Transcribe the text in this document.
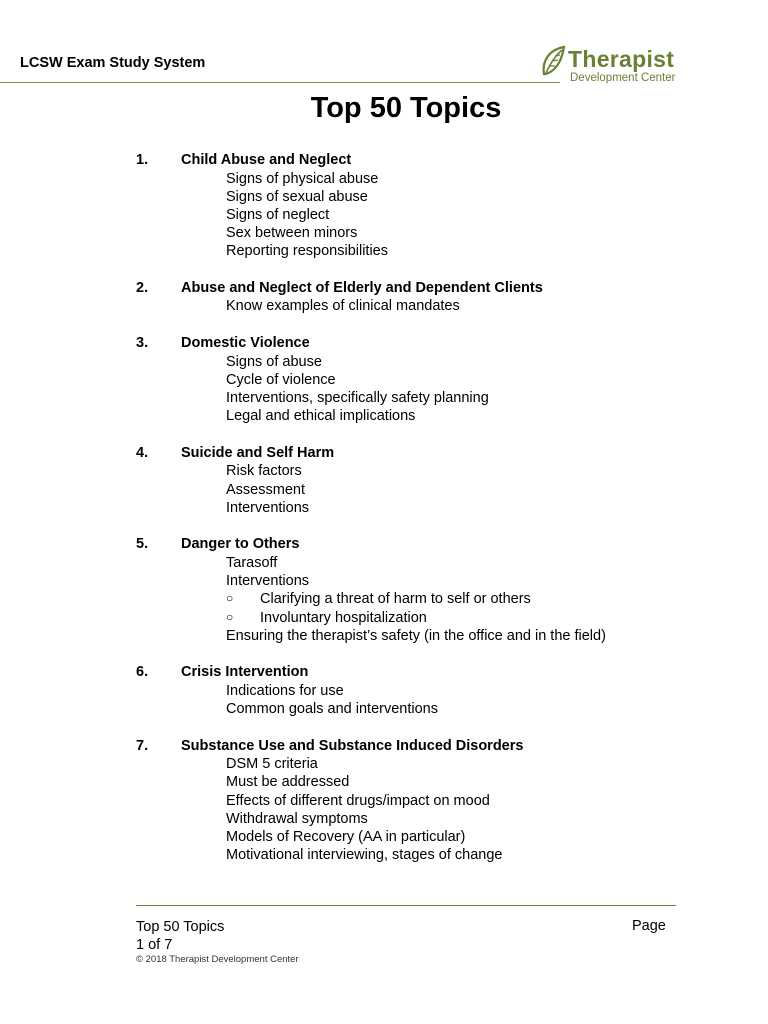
LCSW Exam Study System	Therapist
Development Center
Top 50 Topics
1. Child Abuse and Neglect
Signs of physical abuse
Signs of sexual abuse
Signs of neglect
Sex between minors
Reporting responsibilities
2. Abuse and Neglect of Elderly and Dependent Clients
Know examples of clinical mandates
3. Domestic Violence
Signs of abuse
Cycle of violence
Interventions, specifically safety planning
Legal and ethical implications
4. Suicide and Self Harm
Risk factors
Assessment
Interventions
5. Danger to Others
Tarasoff
Interventions
○ Clarifying a threat of harm to self or others
○ Involuntary hospitalization
Ensuring the therapist’s safety (in the office and in the field)
6. Crisis Intervention
Indications for use
Common goals and interventions
7. Substance Use and Substance Induced Disorders
DSM 5 criteria
Must be addressed
Effects of different drugs/impact on mood
Withdrawal symptoms
Models of Recovery (AA in particular)
Motivational interviewing, stages of change
Top 50 Topics
1 of 7
Page
© 2018 Therapist Development Center
